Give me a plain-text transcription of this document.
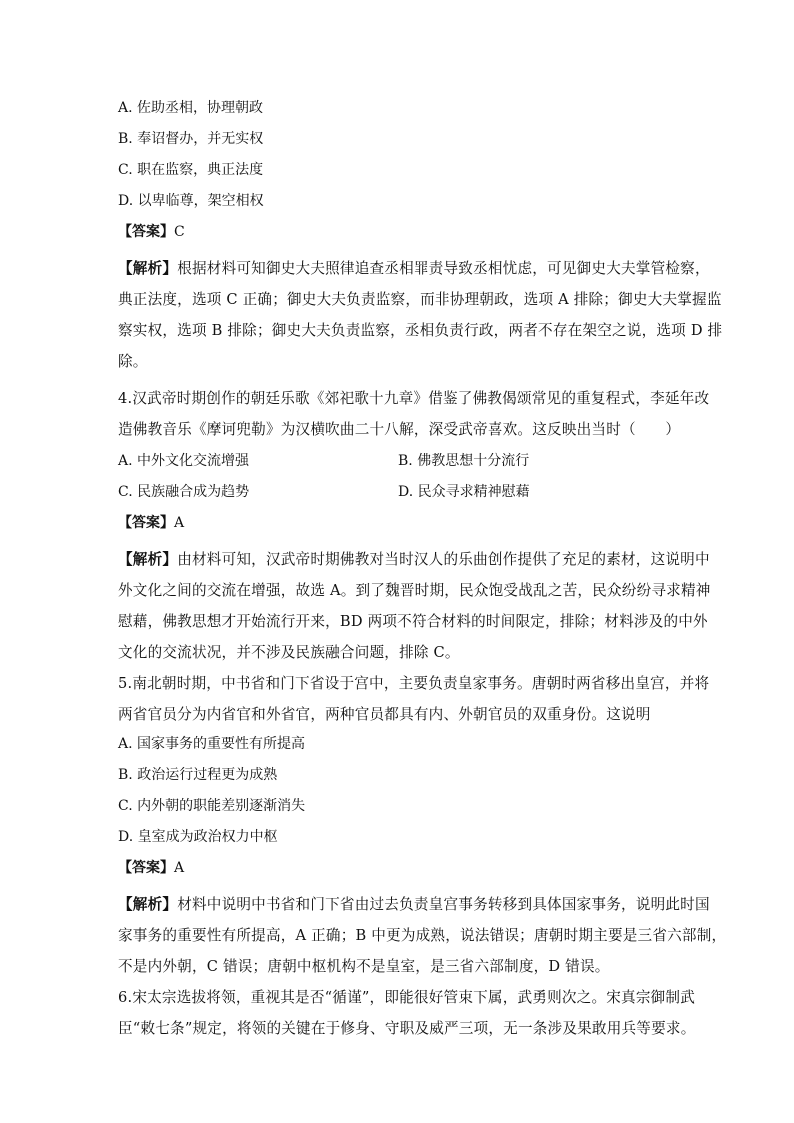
A. 佐助丞相，协理朝政
B. 奉诏督办，并无实权
C. 职在监察，典正法度
D. 以卑临尊，架空相权
【答案】C
【解析】根据材料可知御史大夫照律追查丞相罪责导致丞相忧虑，可见御史大夫掌管检察，
典正法度，选项 C 正确；御史大夫负责监察，而非协理朝政，选项 A 排除；御史大夫掌握监
察实权，选项 B 排除；御史大夫负责监察，丞相负责行政，两者不存在架空之说，选项 D 排
除。
4.汉武帝时期创作的朝廷乐歌《郊祀歌十九章》借鉴了佛教偈颂常见的重复程式，李延年改
造佛教音乐《摩诃兜勒》为汉横吹曲二十八解，深受武帝喜欢。这反映出当时（　　）
A. 中外文化交流增强	B. 佛教思想十分流行
C. 民族融合成为趋势	D. 民众寻求精神慰藉
【答案】A
【解析】由材料可知，汉武帝时期佛教对当时汉人的乐曲创作提供了充足的素材，这说明中
外文化之间的交流在增强，故选 A。到了魏晋时期，民众饱受战乱之苦，民众纷纷寻求精神
慰藉，佛教思想才开始流行开来，BD 两项不符合材料的时间限定，排除；材料涉及的中外
文化的交流状况，并不涉及民族融合问题，排除 C。
5.南北朝时期，中书省和门下省设于宫中，主要负责皇家事务。唐朝时两省移出皇宫，并将
两省官员分为内省官和外省官，两种官员都具有内、外朝官员的双重身份。这说明
A. 国家事务的重要性有所提高
B. 政治运行过程更为成熟
C. 内外朝的职能差别逐渐消失
D. 皇室成为政治权力中枢
【答案】A
【解析】材料中说明中书省和门下省由过去负责皇宫事务转移到具体国家事务，说明此时国
家事务的重要性有所提高，A 正确；B 中更为成熟，说法错误；唐朝时期主要是三省六部制，
不是内外朝，C 错误；唐朝中枢机构不是皇室，是三省六部制度，D 错误。
6.宋太宗选拔将领，重视其是否“循谨”，即能很好管束下属，武勇则次之。宋真宗御制武
臣“敕七条”规定，将领的关键在于修身、守职及威严三项，无一条涉及果敢用兵等要求。
